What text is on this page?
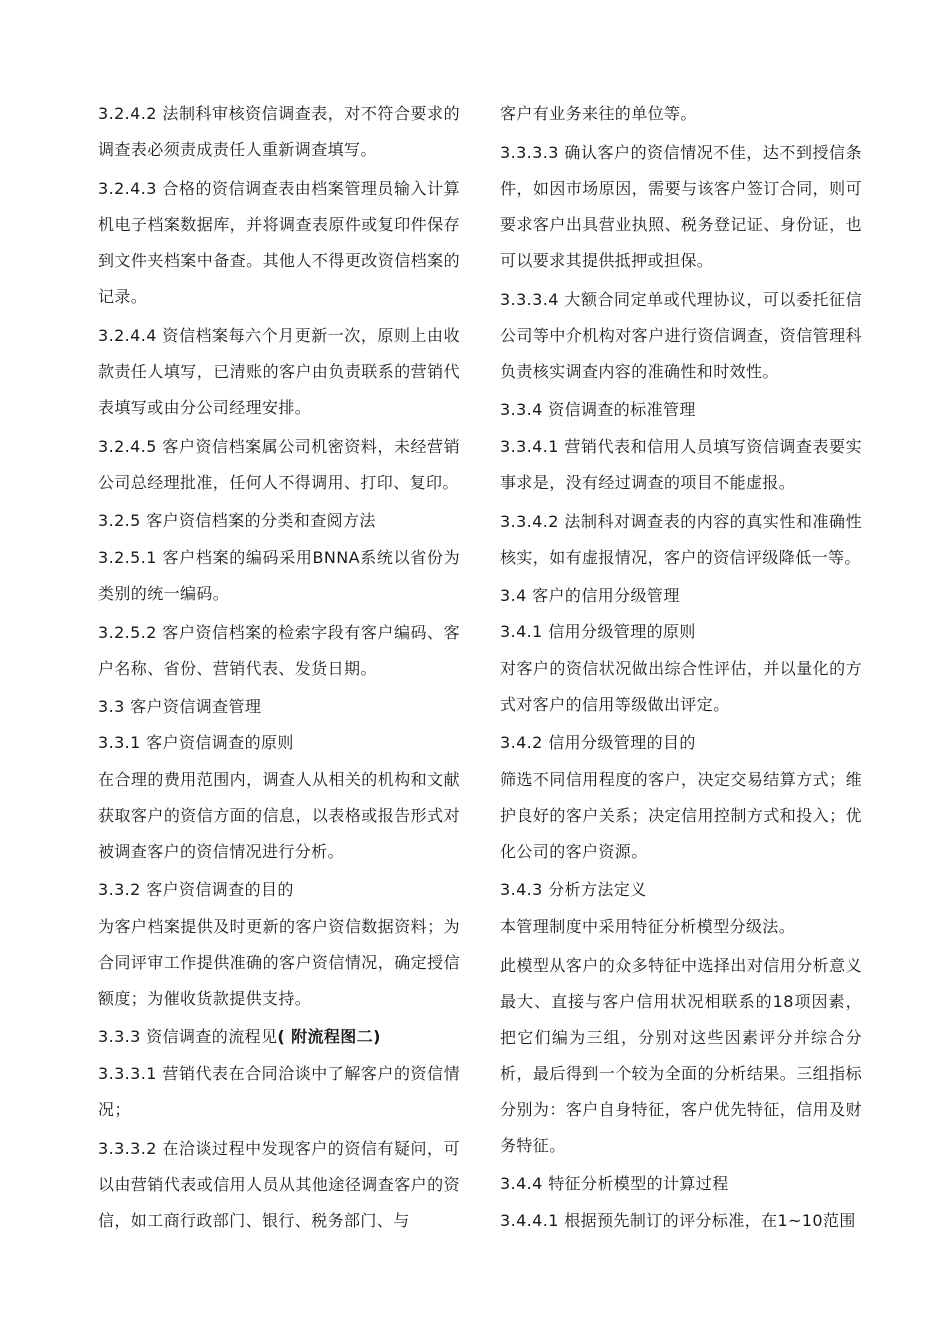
3.2.4.2 法制科审核资信调查表，对不符合要求的调查表必须责成责任人重新调查填写。

3.2.4.3 合格的资信调查表由档案管理员输入计算机电子档案数据库，并将调查表原件或复印件保存到文件夹档案中备查。其他人不得更改资信档案的记录。

3.2.4.4 资信档案每六个月更新一次，原则上由收款责任人填写，已清账的客户由负责联系的营销代表填写或由分公司经理安排。

3.2.4.5 客户资信档案属公司机密资料，未经营销公司总经理批准，任何人不得调用、打印、复印。

3.2.5 客户资信档案的分类和查阅方法

3.2.5.1 客户档案的编码采用BNNA系统以省份为类别的统一编码。

3.2.5.2 客户资信档案的检索字段有客户编码、客户名称、省份、营销代表、发货日期。

3.3 客户资信调查管理

3.3.1 客户资信调查的原则

在合理的费用范围内，调查人从相关的机构和文献获取客户的资信方面的信息，以表格或报告形式对被调查客户的资信情况进行分析。

3.3.2 客户资信调查的目的

为客户档案提供及时更新的客户资信数据资料；为合同评审工作提供准确的客户资信情况，确定授信额度；为催收货款提供支持。

3.3.3 资信调查的流程见( 附流程图二)

3.3.3.1 营销代表在合同洽谈中了解客户的资信情况；

3.3.3.2 在洽谈过程中发现客户的资信有疑问，可以由营销代表或信用人员从其他途径调查客户的资信，如工商行政部门、银行、税务部门、与

客户有业务来往的单位等。

3.3.3.3 确认客户的资信情况不佳，达不到授信条件，如因市场原因，需要与该客户签订合同，则可要求客户出具营业执照、税务登记证、身份证，也可以要求其提供抵押或担保。

3.3.3.4 大额合同定单或代理协议，可以委托征信公司等中介机构对客户进行资信调查，资信管理科负责核实调查内容的准确性和时效性。

3.3.4 资信调查的标准管理

3.3.4.1 营销代表和信用人员填写资信调查表要实事求是，没有经过调查的项目不能虚报。

3.3.4.2 法制科对调查表的内容的真实性和准确性核实，如有虚报情况，客户的资信评级降低一等。

3.4 客户的信用分级管理

3.4.1 信用分级管理的原则

对客户的资信状况做出综合性评估，并以量化的方式对客户的信用等级做出评定。

3.4.2 信用分级管理的目的

筛选不同信用程度的客户，决定交易结算方式；维护良好的客户关系；决定信用控制方式和投入；优化公司的客户资源。

3.4.3 分析方法定义

本管理制度中采用特征分析模型分级法。

此模型从客户的众多特征中选择出对信用分析意义最大、直接与客户信用状况相联系的18项因素，把它们编为三组，分别对这些因素评分并综合分析，最后得到一个较为全面的分析结果。三组指标分别为：客户自身特征，客户优先特征，信用及财务特征。

3.4.4 特征分析模型的计算过程

3.4.4.1 根据预先制订的评分标准，在1~10范围
